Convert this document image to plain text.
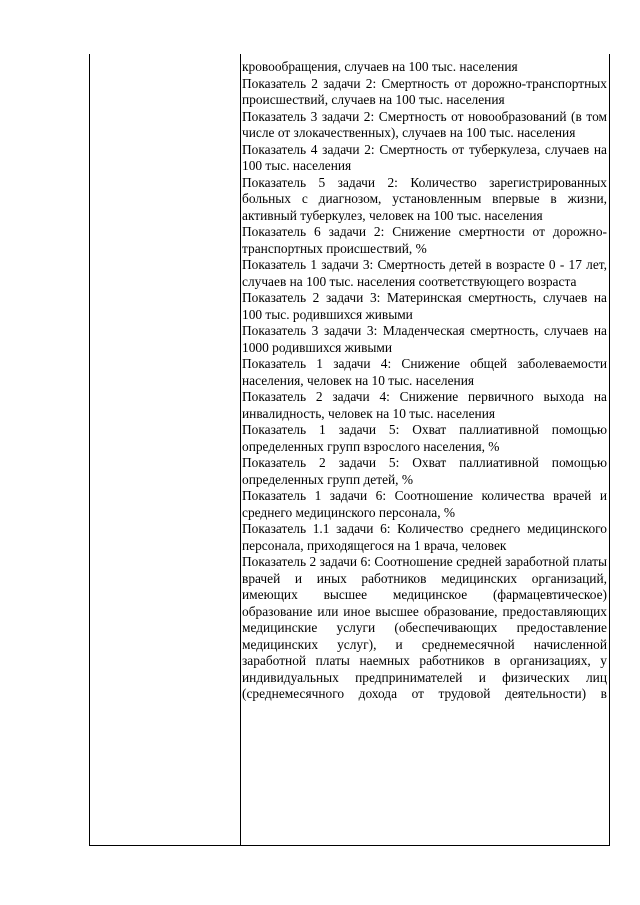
кровообращения, случаев на 100 тыс. населения

Показатель 2 задачи 2: Смертность от дорожно-транспортных происшествий, случаев на 100 тыс. населения

Показатель 3 задачи 2: Смертность от новообразований (в том числе от злокачественных), случаев на 100 тыс. населения

Показатель 4 задачи 2: Смертность от туберкулеза, случаев на 100 тыс. населения

Показатель 5 задачи 2: Количество зарегистрированных больных с диагнозом, установленным впервые в жизни, активный туберкулез, человек на 100 тыс. населения

Показатель 6 задачи 2: Снижение смертности от дорожно-транспортных происшествий, %

Показатель 1 задачи 3: Смертность детей в возрасте 0 - 17 лет, случаев на 100 тыс. населения соответствующего возраста

Показатель 2 задачи 3: Материнская смертность, случаев на 100 тыс. родившихся живыми

Показатель 3 задачи 3: Младенческая смертность, случаев на 1000 родившихся живыми

Показатель 1 задачи 4: Снижение общей заболеваемости населения, человек на 10 тыс. населения

Показатель 2 задачи 4: Снижение первичного выхода на инвалидность, человек на 10 тыс. населения

Показатель 1 задачи 5: Охват паллиативной помощью определенных групп взрослого населения, %

Показатель 2 задачи 5: Охват паллиативной помощью определенных групп детей, %

Показатель 1 задачи 6: Соотношение количества врачей и среднего медицинского персонала, %

Показатель 1.1 задачи 6: Количество среднего медицинского персонала, приходящегося на 1 врача, человек

Показатель 2 задачи 6: Соотношение средней заработной платы врачей и иных работников медицинских организаций, имеющих высшее медицинское (фармацевтическое) образование или иное высшее образование, предоставляющих медицинские услуги (обеспечивающих предоставление медицинских услуг), и среднемесячной начисленной заработной платы наемных работников в организациях, у индивидуальных предпринимателей и физических лиц (среднемесячного дохода от трудовой деятельности) в
